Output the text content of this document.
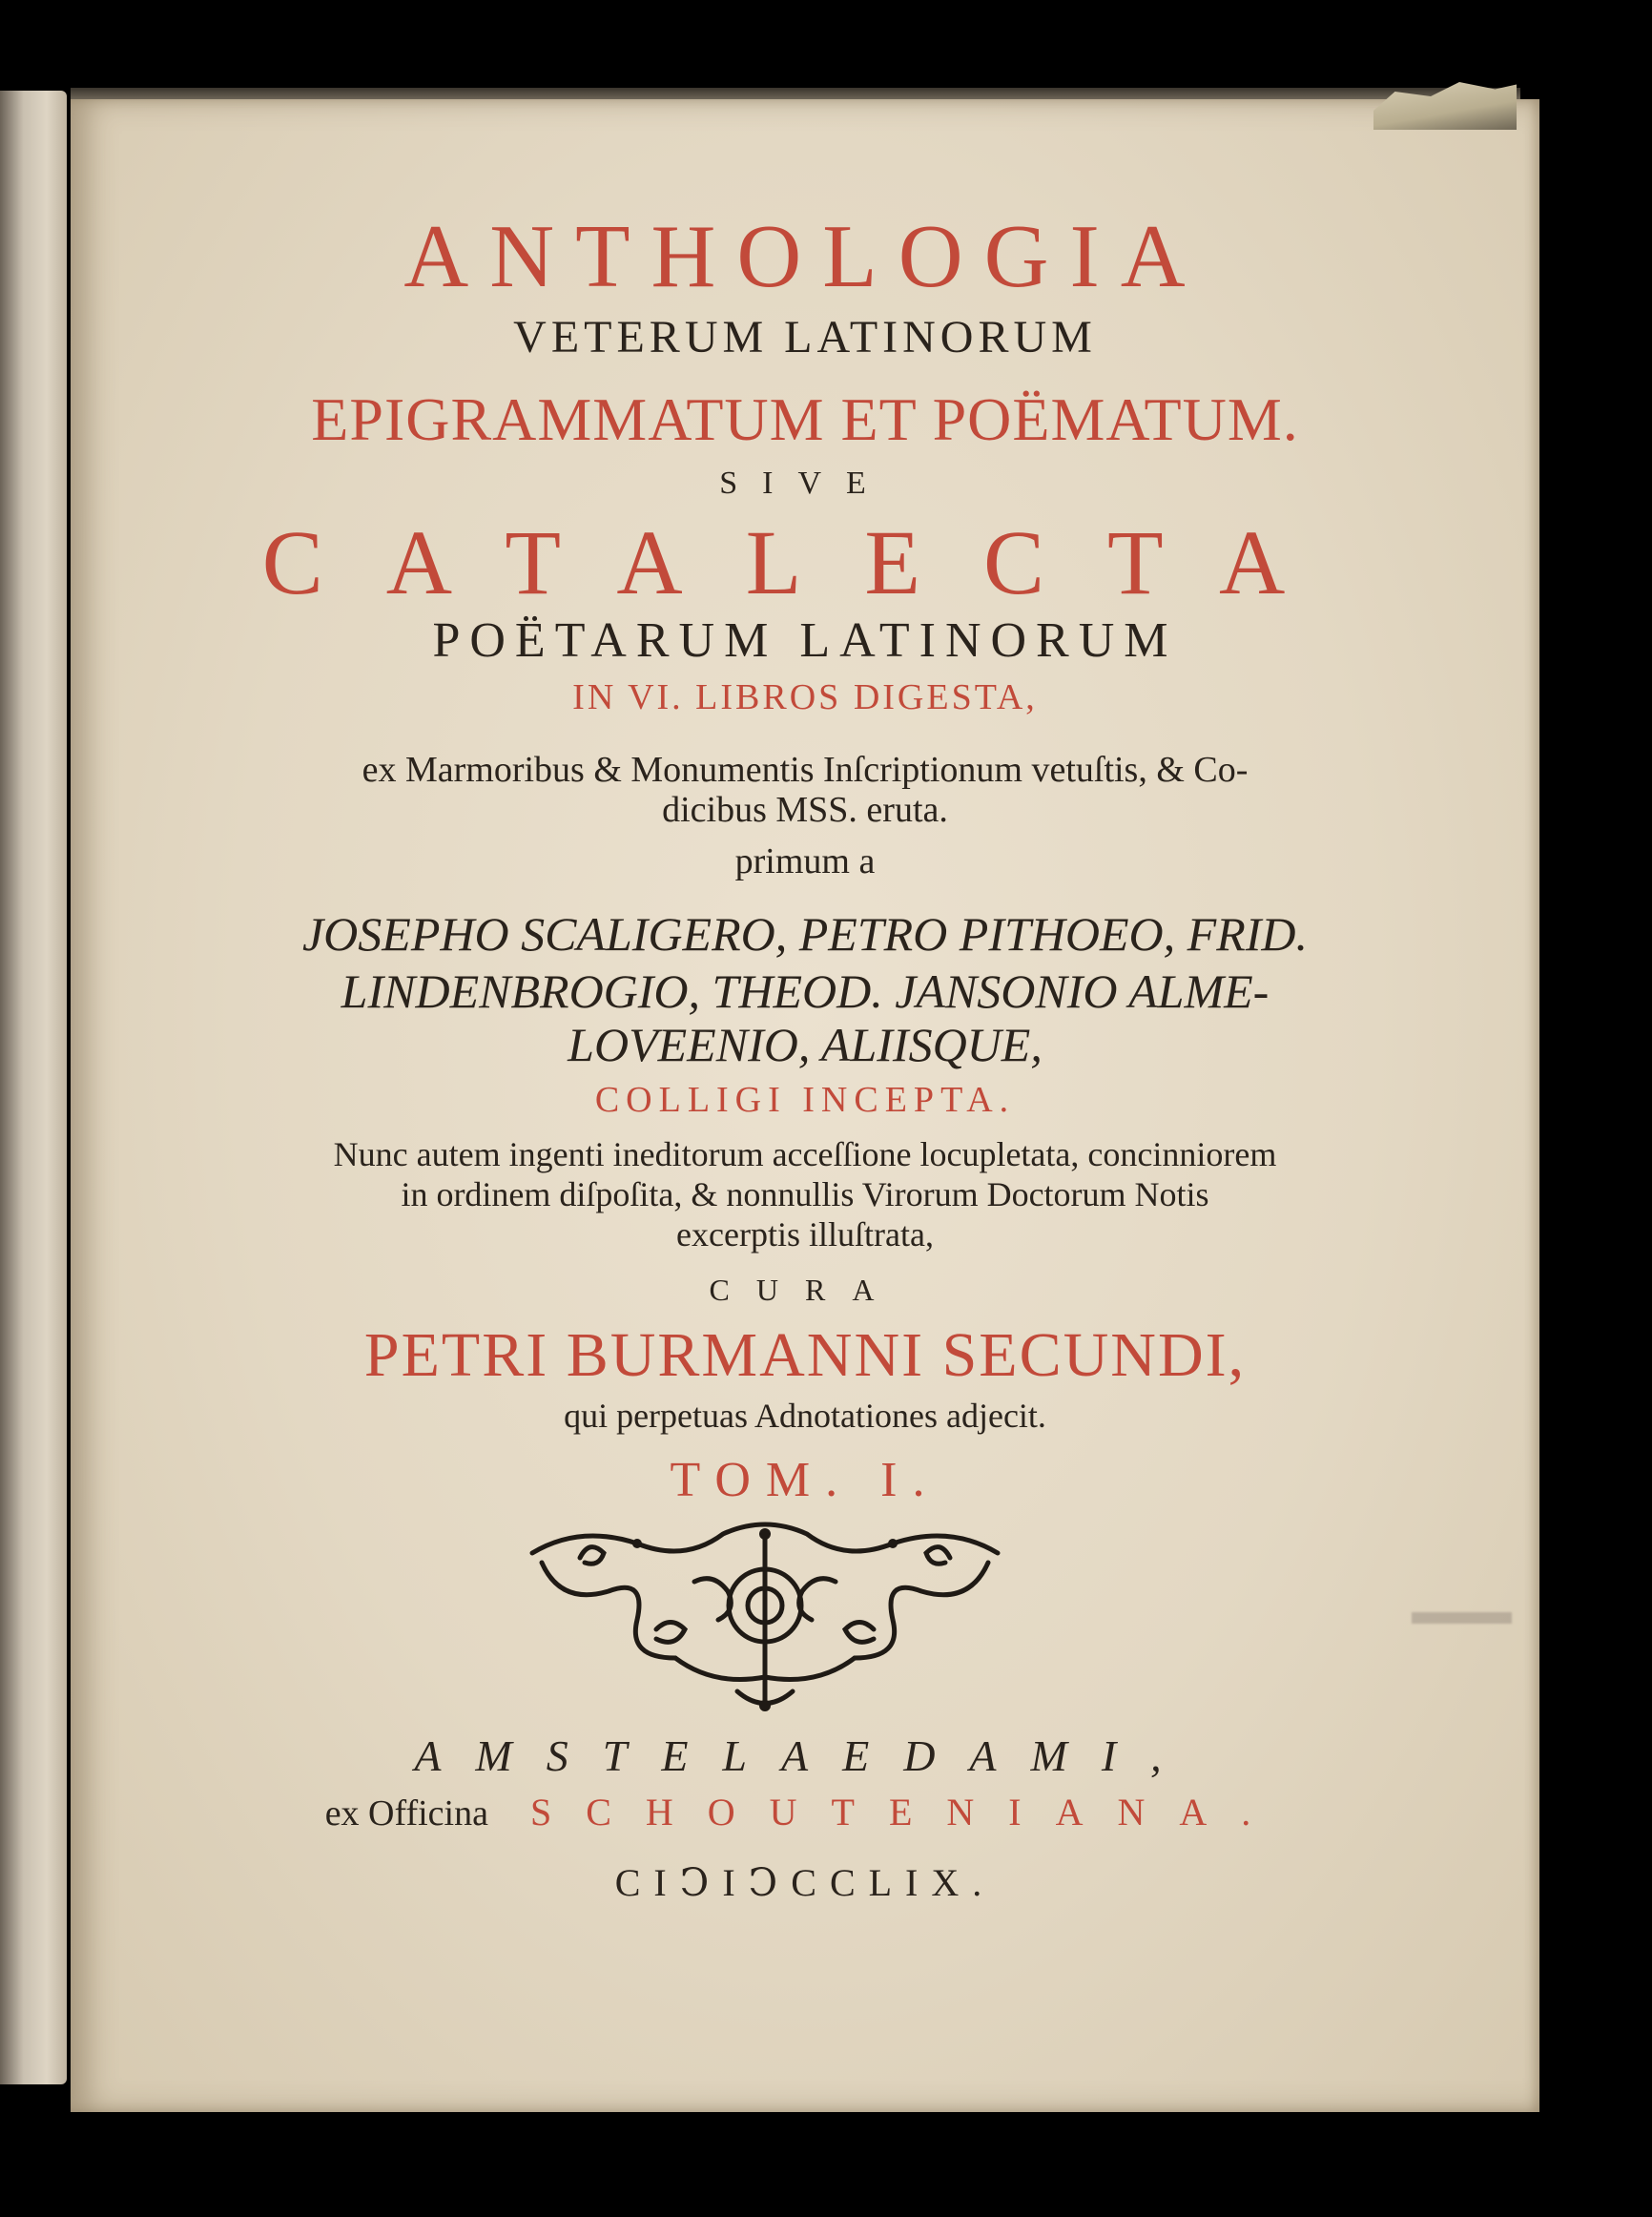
ANTHOLOGIA
VETERUM LATINORUM
EPIGRAMMATUM ET POËMATUM.
SIVE
CATALECTA
POËTARUM LATINORUM
IN VI. LIBROS DIGESTA,
ex Marmoribus & Monumentis Inſcriptionum vetuſtis, & Co-
dicibus MSS. eruta.
primum a
JOSEPHO SCALIGERO, PETRO PITHOEO, FRID.
LINDENBROGIO, THEOD. JANSONIO ALME-
LOVEENIO, ALIISQUE,
COLLIGI INCEPTA.
Nunc autem ingenti ineditorum acceſſione locupletata, concinniorem
in ordinem diſpoſita, & nonnullis Virorum Doctorum Notis
excerptis illuſtrata,
CURA
PETRI BURMANNI SECUNDI,
qui perpetuas Adnotationes adjecit.
TOM. I.
AMSTELAEDAMI,
ex Officina SCHOUTENIANA.
CIↃIↃCCLIX.
